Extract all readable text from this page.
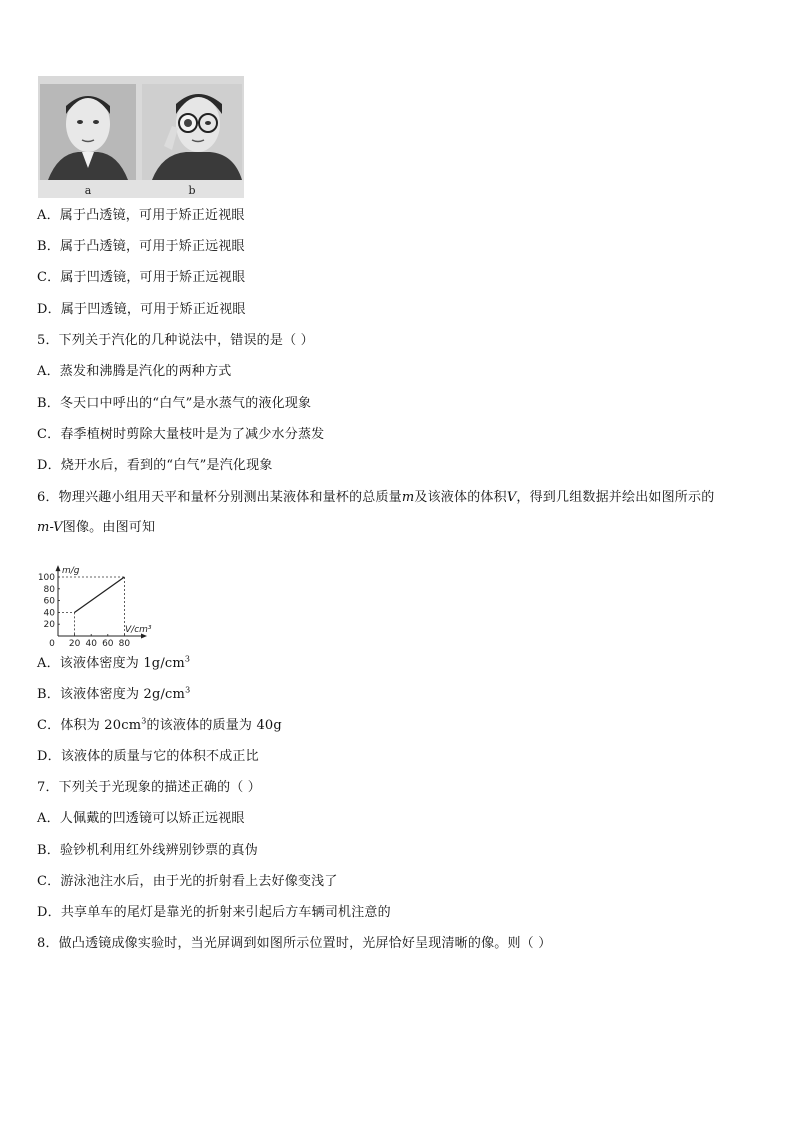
a	b
A．属于凸透镜，可用于矫正近视眼
B．属于凸透镜，可用于矫正远视眼
C．属于凹透镜，可用于矫正远视眼
D．属于凹透镜，可用于矫正近视眼
5．下列关于汽化的几种说法中，错误的是（ ）
A．蒸发和沸腾是汽化的两种方式
B．冬天口中呼出的“白气”是水蒸气的液化现象
C．春季植树时剪除大量枝叶是为了减少水分蒸发
D．烧开水后，看到的“白气”是汽化现象
6．物理兴趣小组用天平和量杯分别测出某液体和量杯的总质量m及该液体的体积V，得到几组数据并绘出如图所示的
m-V图像。由图可知
0 20 40 60 80
20
40
60
80
100
m/g
V/cm³
A．该液体密度为 $1g/cm^3$
B．该液体密度为 $2g/cm^3$
C．体积为 $20cm^3$的该液体的质量为 40g
D．该液体的质量与它的体积不成正比
7．下列关于光现象的描述正确的（ ）
A．人佩戴的凹透镜可以矫正远视眼
B．验钞机利用红外线辨别钞票的真伪
C．游泳池注水后，由于光的折射看上去好像变浅了
D．共享单车的尾灯是靠光的折射来引起后方车辆司机注意的
8．做凸透镜成像实验时，当光屏调到如图所示位置时，光屏恰好呈现清晰的像。则（ ）
